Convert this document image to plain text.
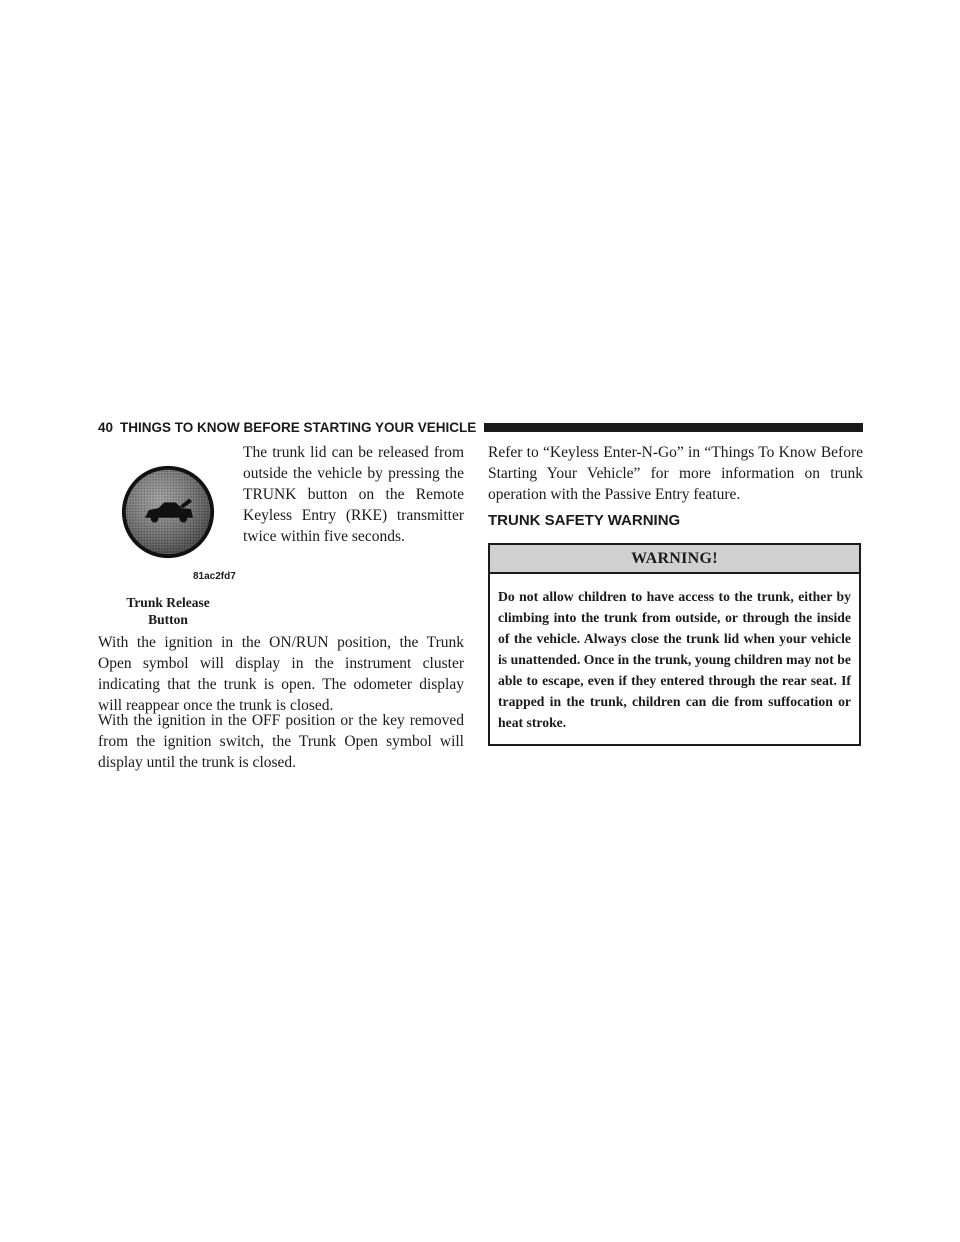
40 THINGS TO KNOW BEFORE STARTING YOUR VEHICLE
81ac2fd7
Trunk Release Button

The trunk lid can be released from outside the vehicle by pressing the TRUNK button on the Remote Keyless Entry (RKE) transmitter twice within five seconds.

With the ignition in the ON/RUN position, the Trunk Open symbol will display in the instrument cluster indicating that the trunk is open. The odometer display will reappear once the trunk is closed.

With the ignition in the OFF position or the key removed from the ignition switch, the Trunk Open symbol will display until the trunk is closed.

Refer to “Keyless Enter-N-Go” in “Things To Know Before Starting Your Vehicle” for more information on trunk operation with the Passive Entry feature.

TRUNK SAFETY WARNING
WARNING!

Do not allow children to have access to the trunk, either by climbing into the trunk from outside, or through the inside of the vehicle. Always close the trunk lid when your vehicle is unattended. Once in the trunk, young children may not be able to escape, even if they entered through the rear seat. If trapped in the trunk, children can die from suffocation or heat stroke.
